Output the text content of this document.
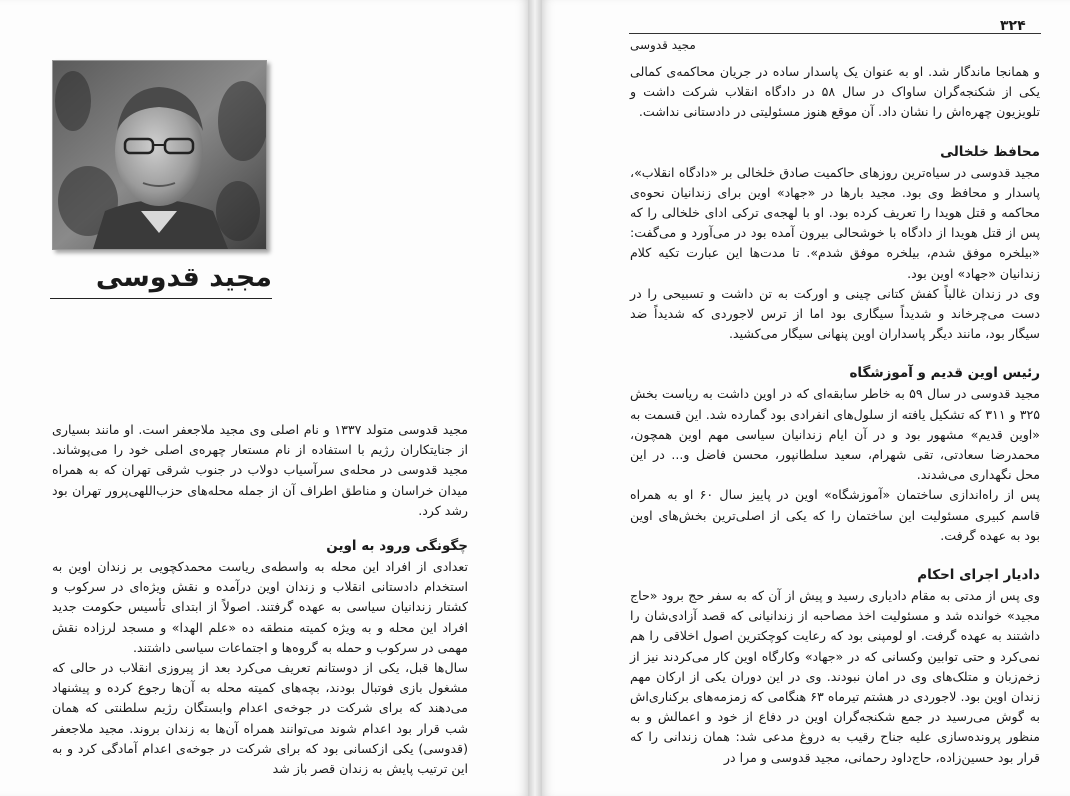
مجید قدوسی

مجید قدوسی متولد ۱۳۳۷ و نام اصلی وی مجید ملاجعفر است. او مانند بسیاری از جنایتکاران رژیم با استفاده از نام مستعار چهره‌ی اصلی خود را می‌پوشاند. مجید قدوسی در محله‌ی سرآسیاب دولاب در جنوب شرقی تهران که به همراه میدان خراسان و مناطق اطراف آن از جمله محله‌های حزب‌اللهی‌پرور تهران بود رشد کرد.

چگونگی ورود به اوین

تعدادی از افراد این محله به واسطه‌ی ریاست محمدکچویی بر زندان اوین به استخدام دادستانی انقلاب و زندان اوین درآمده و نقش ویژه‌ای در سرکوب و کشتار زندانیان سیاسی به عهده گرفتند. اصولاً از ابتدای تأسیس حکومت جدید افراد این محله و به ویژه کمیته منطقه ده «علم الهدا» و مسجد لرزاده نقش مهمی در سرکوب و حمله به گروه‌ها و اجتماعات سیاسی داشتند.

سال‌ها قبل، یکی از دوستانم تعریف می‌کرد بعد از پیروزی انقلاب در حالی که مشغول بازی فوتبال بودند، بچه‌های کمیته محله به آن‌ها رجوع کرده و پیشنهاد می‌دهند که برای شرکت در جوخه‌ی اعدام وابستگان رژیم سلطنتی که همان شب قرار بود اعدام شوند می‌توانند همراه آن‌ها به زندان بروند. مجید ملاجعفر (قدوسی) یکی ازکسانی بود که برای شرکت در جوخه‌ی اعدام آمادگی کرد و به این ترتیب پایش به زندان قصر باز شد

۳۲۴
مجید قدوسی

و همانجا ماندگار شد. او به عنوان یک پاسدار ساده در جریان محاکمه‌ی کمالی یکی از شکنجه‌گران ساواک در سال ۵۸ در دادگاه انقلاب شرکت داشت و تلویزیون چهره‌اش را نشان داد. آن موقع هنوز مسئولیتی در دادستانی نداشت.

محافظ خلخالی

مجید قدوسی در سیاه‌ترین روزهای حاکمیت صادق خلخالی بر «دادگاه انقلاب»، پاسدار و محافظ وی بود. مجید بارها در «جهاد» اوین برای زندانیان نحوه‌ی محاکمه و قتل هویدا را تعریف کرده بود. او با لهجه‌ی ترکی ادای خلخالی را که پس از قتل هویدا از دادگاه با خوشحالی بیرون آمده بود در می‌آورد و می‌گفت: «بیلخره موفق شدم، بیلخره موفق شدم». تا مدت‌ها این عبارت تکیه کلام زندانیان «جهاد» اوین بود.

وی در زندان غالباً کفش کتانی چینی و اورکت به تن داشت و تسبیحی را در دست می‌چرخاند و شدیداً سیگاری بود اما از ترس لاجوردی که شدیداً ضد سیگار بود، مانند دیگر پاسداران اوین پنهانی سیگار می‌کشید.

رئیس اوین قدیم و آموزشگاه

مجید قدوسی در سال ۵۹ به خاطر سابقه‌ای که در اوین داشت به ریاست بخش ۳۲۵ و ۳۱۱ که تشکیل یافته از سلول‌های انفرادی بود گمارده شد. این قسمت به «اوین قدیم» مشهور بود و در آن ایام زندانیان سیاسی مهم اوین همچون، محمدرضا سعادتی، تقی شهرام، سعید سلطانپور، محسن فاضل و... در این محل نگهداری می‌شدند.

پس از راه‌اندازی ساختمان «آموزشگاه» اوین در پاییز سال ۶۰ او به همراه قاسم کبیری مسئولیت این ساختمان را که یکی از اصلی‌ترین بخش‌های اوین بود به عهده گرفت.

دادیار اجرای احکام

وی پس از مدتی به مقام دادیاری رسید و پیش از آن که به سفر حج برود «حاج مجید» خوانده شد و مسئولیت اخذ مصاحبه از زندانیانی که قصد آزادی‌شان را داشتند به عهده گرفت. او لومپنی بود که رعایت کوچکترین اصول اخلاقی را هم نمی‌کرد و حتی توابین وکسانی که در «جهاد» وکارگاه اوین کار می‌کردند نیز از زخم‌زبان و متلک‌های وی در امان نبودند. وی در این دوران یکی از ارکان مهم زندان اوین بود. لاجوردی در هشتم تیرماه ۶۳ هنگامی که زمزمه‌های برکناری‌اش به گوش می‌رسید در جمع شکنجه‌گران اوین در دفاع از خود و اعمالش و به منظور پرونده‌سازی علیه جناح رقیب به دروغ مدعی شد: همان زندانی را که قرار بود حسین‌زاده، حاج‌داود رحمانی، مجید قدوسی و مرا در
